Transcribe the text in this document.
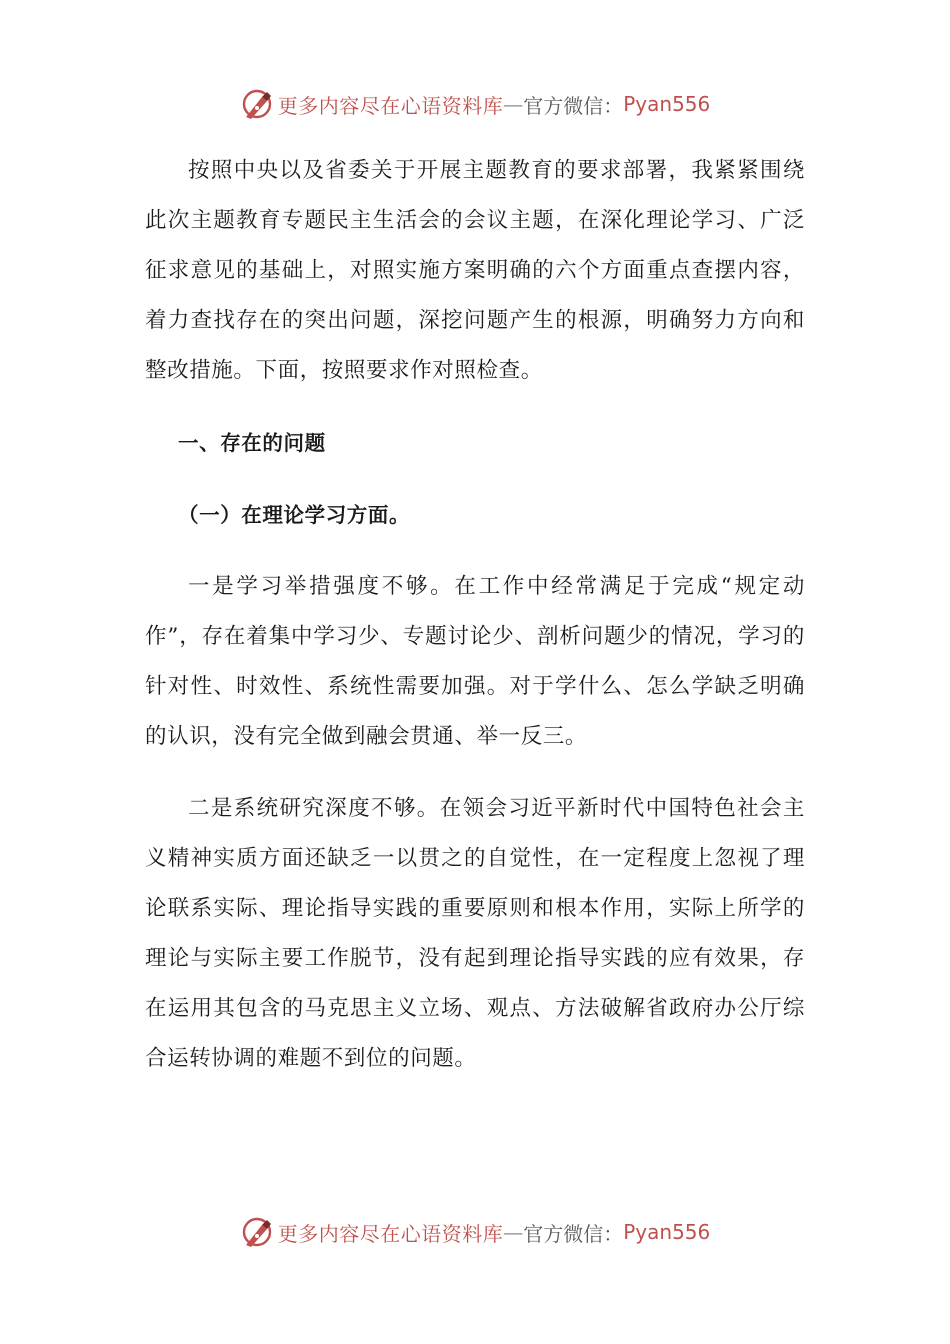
更多内容尽在心语资料库 — 官方微信： Pyan556

按照中央以及省委关于开展主题教育的要求部署，我紧紧围绕此次主题教育专题民主生活会的会议主题，在深化理论学习、广泛征求意见的基础上，对照实施方案明确的六个方面重点查摆内容，着力查找存在的突出问题，深挖问题产生的根源，明确努力方向和整改措施。下面，按照要求作对照检查。

一、存在的问题

（一）在理论学习方面。

一是学习举措强度不够。在工作中经常满足于完成“规定动作”，存在着集中学习少、专题讨论少、剖析问题少的情况，学习的针对性、时效性、系统性需要加强。对于学什么、怎么学缺乏明确的认识，没有完全做到融会贯通、举一反三。

二是系统研究深度不够。在领会习近平新时代中国特色社会主义精神实质方面还缺乏一以贯之的自觉性，在一定程度上忽视了理论联系实际、理论指导实践的重要原则和根本作用，实际上所学的理论与实际主要工作脱节，没有起到理论指导实践的应有效果，存在运用其包含的马克思主义立场、观点、方法破解省政府办公厅综合运转协调的难题不到位的问题。

更多内容尽在心语资料库 — 官方微信： Pyan556
